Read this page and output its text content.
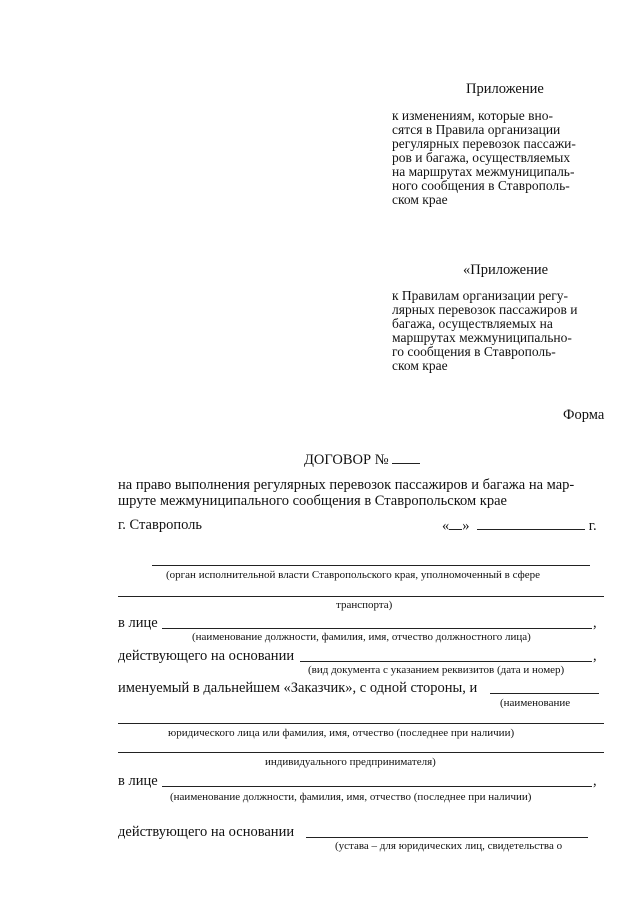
Приложение
к изменениям, которые вно-
сятся в Правила организации
регулярных перевозок пассажи-
ров и багажа, осуществляемых
на маршрутах межмуниципаль-
ного сообщения в Ставрополь-
ском крае
«Приложение
к Правилам организации регу-
лярных перевозок пассажиров и
багажа, осуществляемых на
маршрутах межмуниципально-
го сообщения в Ставрополь-
ском крае
Форма
ДОГОВОР №
на право выполнения регулярных перевозок пассажиров и багажа на мар-
шруте межмуниципального сообщения в Ставропольском крае
г. Ставрополь	« »	г.
(орган исполнительной власти Ставропольского края, уполномоченный в сфере
транспорта)
в лице	,
(наименование должности, фамилия, имя, отчество должностного лица)
действующего на основании	,
(вид документа с указанием реквизитов (дата и номер)
именуемый в дальнейшем «Заказчик», с одной стороны, и
(наименование
юридического лица или фамилия, имя, отчество (последнее при наличии)
индивидуального предпринимателя)
в лице	,
(наименование должности, фамилия, имя, отчество (последнее при наличии)
действующего на основании
(устава – для юридических лиц, свидетельства о
